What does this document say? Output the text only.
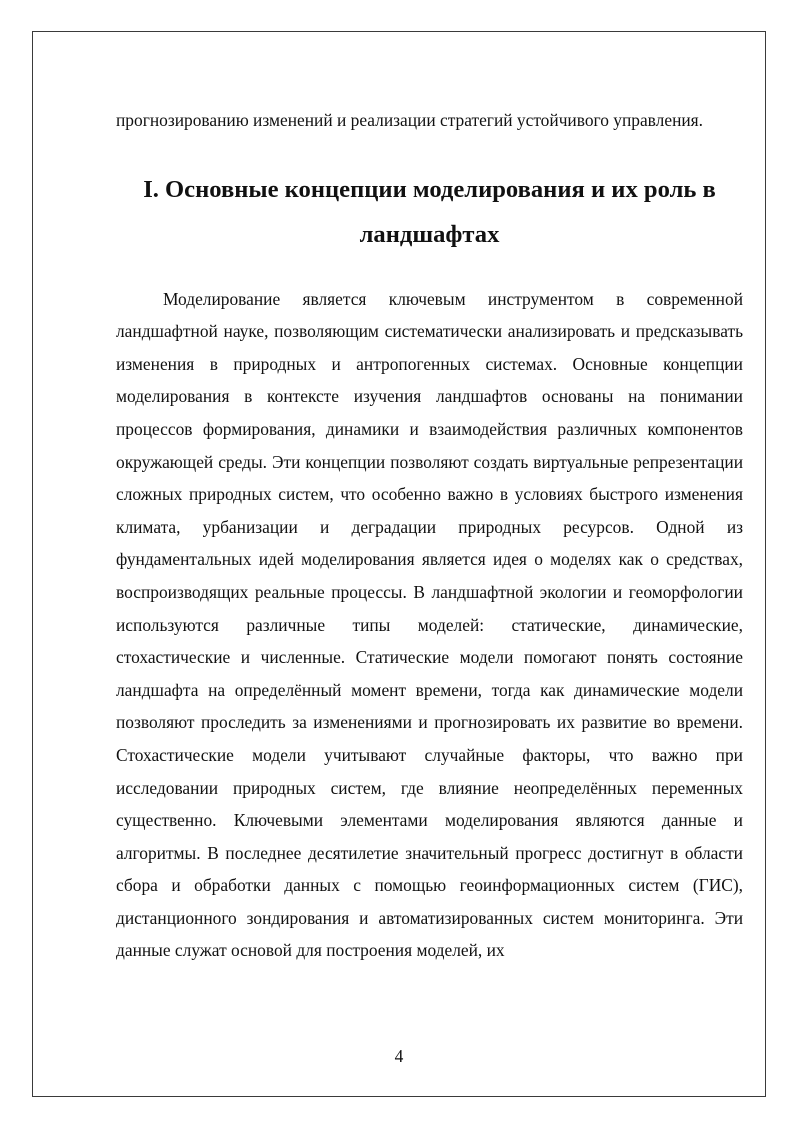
прогнозированию изменений и реализации стратегий устойчивого управления.

I. Основные концепции моделирования и их роль в ландшафтах

Моделирование является ключевым инструментом в современной ландшафтной науке, позволяющим систематически анализировать и предсказывать изменения в природных и антропогенных системах. Основные концепции моделирования в контексте изучения ландшафтов основаны на понимании процессов формирования, динамики и взаимодействия различных компонентов окружающей среды. Эти концепции позволяют создать виртуальные репрезентации сложных природных систем, что особенно важно в условиях быстрого изменения климата, урбанизации и деградации природных ресурсов. Одной из фундаментальных идей моделирования является идея о моделях как о средствах, воспроизводящих реальные процессы. В ландшафтной экологии и геоморфологии используются различные типы моделей: статические, динамические, стохастические и численные. Статические модели помогают понять состояние ландшафта на определённый момент времени, тогда как динамические модели позволяют проследить за изменениями и прогнозировать их развитие во времени. Стохастические модели учитывают случайные факторы, что важно при исследовании природных систем, где влияние неопределённых переменных существенно. Ключевыми элементами моделирования являются данные и алгоритмы. В последнее десятилетие значительный прогресс достигнут в области сбора и обработки данных с помощью геоинформационных систем (ГИС), дистанционного зондирования и автоматизированных систем мониторинга. Эти данные служат основой для построения моделей, их

4
